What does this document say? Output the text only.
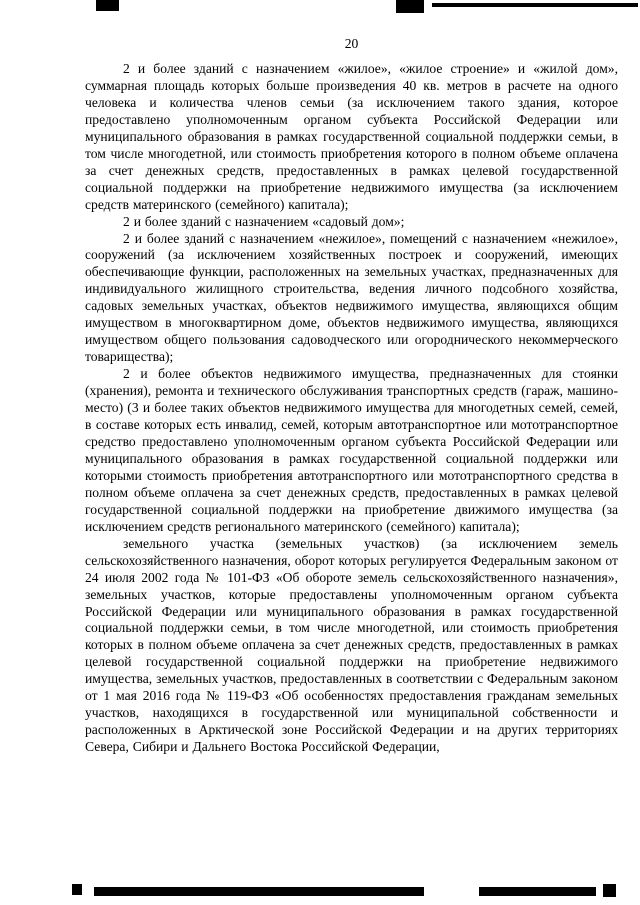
20

2 и более зданий с назначением «жилое», «жилое строение» и «жилой дом», суммарная площадь которых больше произведения 40 кв. метров в расчете на одного человека и количества членов семьи (за исключением такого здания, которое предоставлено уполномоченным органом субъекта Российской Федерации или муниципального образования в рамках государственной социальной поддержки семьи, в том числе многодетной, или стоимость приобретения которого в полном объеме оплачена за счет денежных средств, предоставленных в рамках целевой государственной социальной поддержки на приобретение недвижимого имущества (за исключением средств материнского (семейного) капитала);

2 и более зданий с назначением «садовый дом»;

2 и более зданий с назначением «нежилое», помещений с назначением «нежилое», сооружений (за исключением хозяйственных построек и сооружений, имеющих обеспечивающие функции, расположенных на земельных участках, предназначенных для индивидуального жилищного строительства, ведения личного подсобного хозяйства, садовых земельных участках, объектов недвижимого имущества, являющихся общим имуществом в многоквартирном доме, объектов недвижимого имущества, являющихся имуществом общего пользования садоводческого или огороднического некоммерческого товарищества);

2 и более объектов недвижимого имущества, предназначенных для стоянки (хранения), ремонта и технического обслуживания транспортных средств (гараж, машино-место) (3 и более таких объектов недвижимого имущества для многодетных семей, семей, в составе которых есть инвалид, семей, которым автотранспортное или мототранспортное средство предоставлено уполномоченным органом субъекта Российской Федерации или муниципального образования в рамках государственной социальной поддержки или которыми стоимость приобретения автотранспортного или мототранспортного средства в полном объеме оплачена за счет денежных средств, предоставленных в рамках целевой государственной социальной поддержки на приобретение движимого имущества (за исключением средств регионального материнского (семейного) капитала);

земельного участка (земельных участков) (за исключением земель сельскохозяйственного назначения, оборот которых регулируется Федеральным законом от 24 июля 2002 года № 101-ФЗ «Об обороте земель сельскохозяйственного назначения», земельных участков, которые предоставлены уполномоченным органом субъекта Российской Федерации или муниципального образования в рамках государственной социальной поддержки семьи, в том числе многодетной, или стоимость приобретения которых в полном объеме оплачена за счет денежных средств, предоставленных в рамках целевой государственной социальной поддержки на приобретение недвижимого имущества, земельных участков, предоставленных в соответствии с Федеральным законом от 1 мая 2016 года № 119-ФЗ «Об особенностях предоставления гражданам земельных участков, находящихся в государственной или муниципальной собственности и расположенных в Арктической зоне Российской Федерации и на других территориях Севера, Сибири и Дальнего Востока Российской Федерации,
